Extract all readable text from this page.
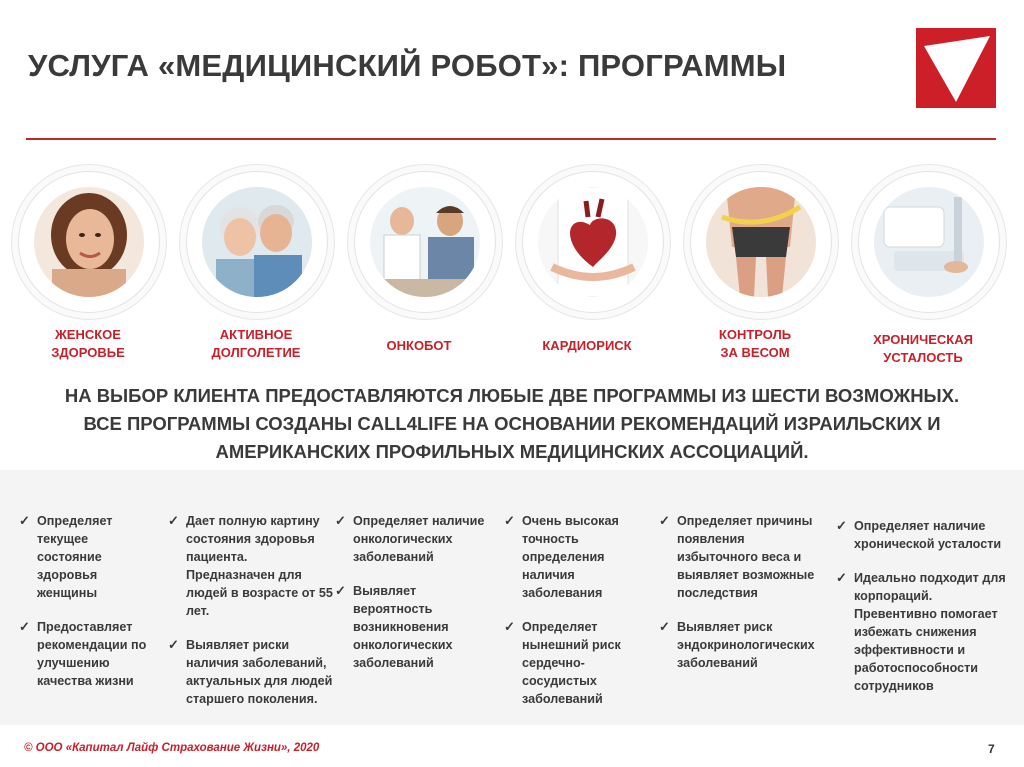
УСЛУГА «МЕДИЦИНСКИЙ РОБОТ»: ПРОГРАММЫ
ЖЕНСКОЕ
ЗДОРОВЬЕ
АКТИВНОЕ
ДОЛГОЛЕТИЕ	ОНКОБОТ	КАРДИОРИСК
КОНТРОЛЬ
ЗА ВЕСОМ
ХРОНИЧЕСКАЯ
УСТАЛОСТЬ
НА ВЫБОР КЛИЕНТА ПРЕДОСТАВЛЯЮТСЯ ЛЮБЫЕ ДВЕ ПРОГРАММЫ ИЗ ШЕСТИ ВОЗМОЖНЫХ.
ВСЕ ПРОГРАММЫ СОЗДАНЫ CALL4LIFE НА ОСНОВАНИИ РЕКОМЕНДАЦИЙ ИЗРАИЛЬСКИХ И
АМЕРИКАНСКИХ ПРОФИЛЬНЫХ МЕДИЦИНСКИХ АССОЦИАЦИЙ.
✓ Определяет
текущее
состояние
здоровья
женщины
✓ Предоставляет
рекомендации по
улучшению
качества жизни
✓ Дает полную картину
состояния здоровья
пациента.
Предназначен для
людей в возрасте от 55
лет.
✓ Выявляет риски
наличия заболеваний,
актуальных для людей
старшего поколения.
✓ Определяет наличие
онкологических
заболеваний
✓ Выявляет
вероятность
возникновения
онкологических
заболеваний
✓ Очень высокая
точность
определения
наличия
заболевания
✓ Определяет
нынешний риск
сердечно-
сосудистых
заболеваний
✓ Определяет причины
появления
избыточного веса и
выявляет возможные
последствия
✓ Выявляет риск
эндокринологических
заболеваний
✓ Определяет наличие
хронической усталости
✓ Идеально подходит для
корпораций.
Превентивно помогает
избежать снижения
эффективности и
работоспособности
сотрудников
© ООО «Капитал Лайф Страхование Жизни», 2020	7
